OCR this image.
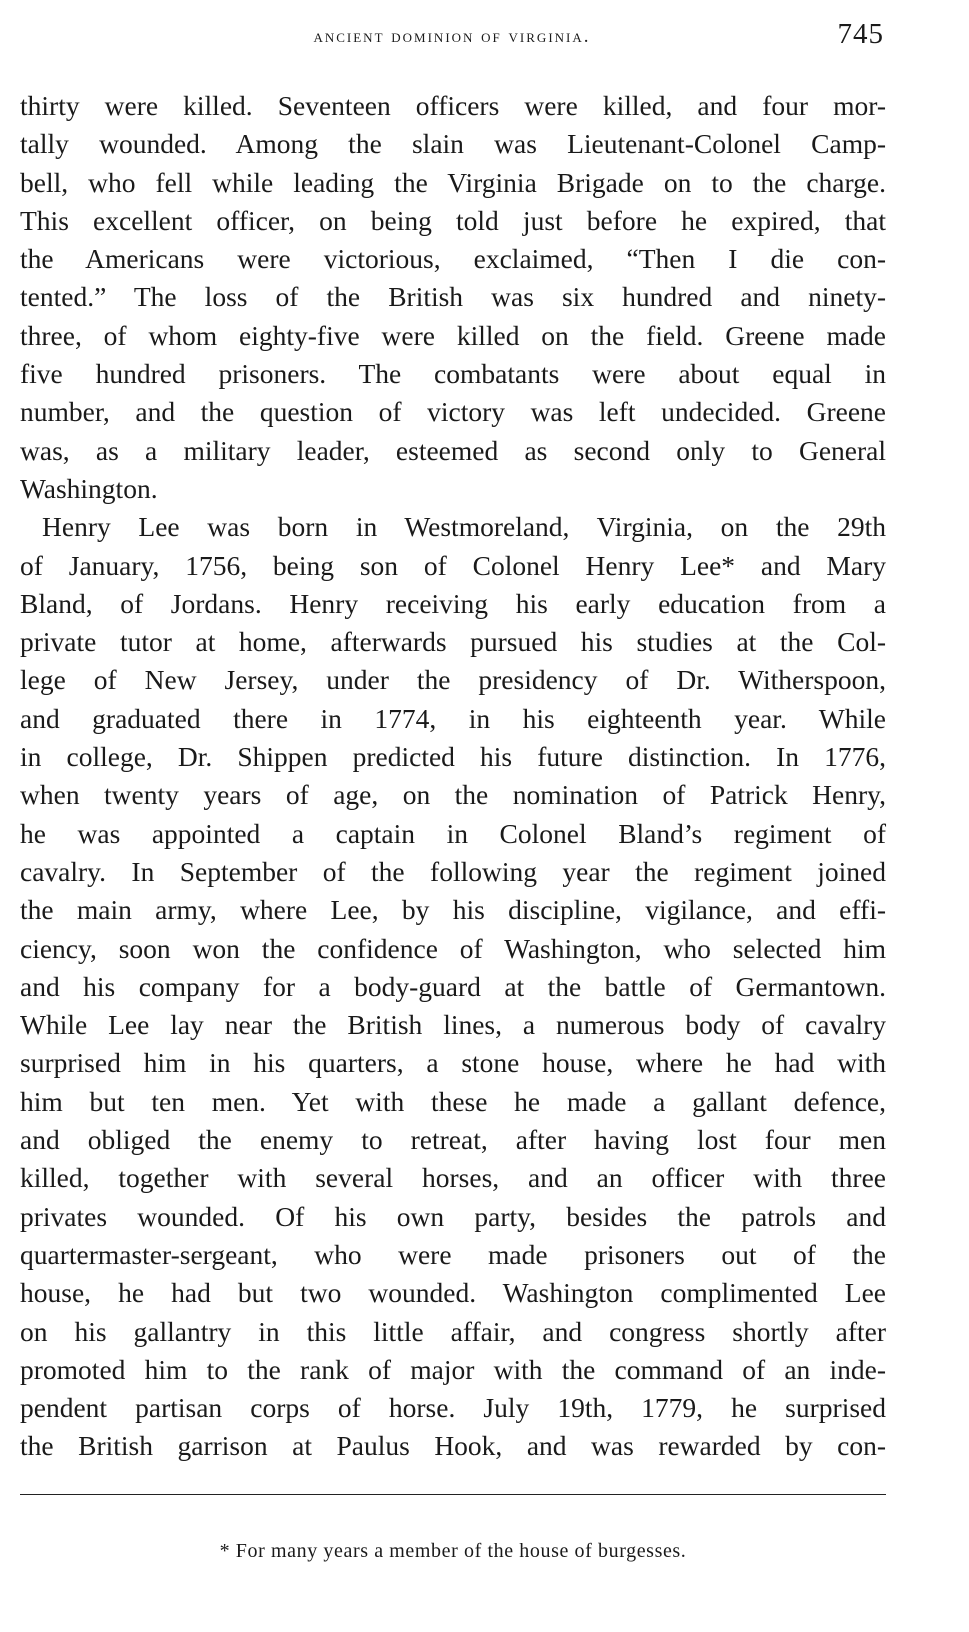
ancient dominion of virginia.	745

thirty were killed. Seventeen officers were killed, and four mor-
tally wounded. Among the slain was Lieutenant-Colonel Camp-
bell, who fell while leading the Virginia Brigade on to the charge.
This excellent officer, on being told just before he expired, that
the Americans were victorious, exclaimed, “Then I die con-
tented.” The loss of the British was six hundred and ninety-
three, of whom eighty-five were killed on the field. Greene made
five hundred prisoners. The combatants were about equal in
number, and the question of victory was left undecided. Greene
was, as a military leader, esteemed as second only to General
Washington.

Henry Lee was born in Westmoreland, Virginia, on the 29th
of January, 1756, being son of Colonel Henry Lee* and Mary
Bland, of Jordans. Henry receiving his early education from a
private tutor at home, afterwards pursued his studies at the Col-
lege of New Jersey, under the presidency of Dr. Witherspoon,
and graduated there in 1774, in his eighteenth year. While
in college, Dr. Shippen predicted his future distinction. In 1776,
when twenty years of age, on the nomination of Patrick Henry,
he was appointed a captain in Colonel Bland’s regiment of
cavalry. In September of the following year the regiment joined
the main army, where Lee, by his discipline, vigilance, and effi-
ciency, soon won the confidence of Washington, who selected him
and his company for a body-guard at the battle of Germantown.
While Lee lay near the British lines, a numerous body of cavalry
surprised him in his quarters, a stone house, where he had with
him but ten men. Yet with these he made a gallant defence,
and obliged the enemy to retreat, after having lost four men
killed, together with several horses, and an officer with three
privates wounded. Of his own party, besides the patrols and
quartermaster-sergeant, who were made prisoners out of the
house, he had but two wounded. Washington complimented Lee
on his gallantry in this little affair, and congress shortly after
promoted him to the rank of major with the command of an inde-
pendent partisan corps of horse. July 19th, 1779, he surprised
the British garrison at Paulus Hook, and was rewarded by con-

* For many years a member of the house of burgesses.
